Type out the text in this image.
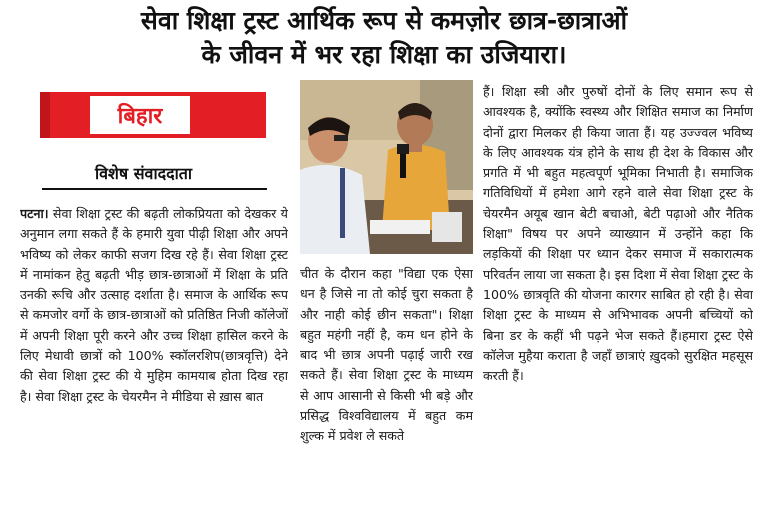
सेवा शिक्षा ट्रस्ट आर्थिक रूप से कमज़ोर छात्र-छात्राओं
के जीवन में भर रहा शिक्षा का उजियारा।
बिहार
विशेष संवाददाता

पटना। सेवा शिक्षा ट्रस्ट की बढ़ती लोकप्रियता को देखकर ये अनुमान लगा सकते हैं के हमारी युवा पीढ़ी शिक्षा और अपने भविष्य को लेकर काफी सजग दिख रहे हैं। सेवा शिक्षा ट्रस्ट में नामांकन हेतु बढ़ती भीड़ छात्र-छात्राओं में शिक्षा के प्रति उनकी रूचि और उत्साह दर्शाता है। समाज के आर्थिक रूप से कमजोर वर्गो के छात्र-छात्राओं को प्रतिष्ठित निजी कॉलेजों में अपनी शिक्षा पूरी करने और उच्च शिक्षा हासिल करने के लिए मेधावी छात्रों को 100% स्कॉलरशिप(छात्रवृत्ति) देने की सेवा शिक्षा ट्रस्ट की ये मुहिम कामयाब होता दिख रहा है। सेवा शिक्षा ट्रस्ट के चेयरमैन ने मीडिया से ख़ास बात

चीत के दौरान कहा "विद्या एक ऐसा धन है जिसे ना तो कोई चुरा सकता है और नाही कोई छीन सकता"। शिक्षा बहुत महंगी नहीं है, कम धन होने के बाद भी छात्र अपनी पढ़ाई जारी रख सकते हैं। सेवा शिक्षा ट्रस्ट के माध्यम से आप आसानी से किसी भी बड़े और प्रसिद्ध विश्वविद्यालय में बहुत कम शुल्क में प्रवेश ले सकते

हैं। शिक्षा स्त्री और पुरुषों दोनों के लिए समान रूप से आवश्यक है, क्योंकि स्वस्थ्य और शिक्षित समाज का निर्माण दोनों द्वारा मिलकर ही किया जाता हैं। यह उज्ज्वल भविष्य के लिए आवश्यक यंत्र होने के साथ ही देश के विकास और प्रगति में भी बहुत महत्वपूर्ण भूमिका निभाती है। समाजिक गतिविधियों में हमेशा आगे रहने वाले सेवा शिक्षा ट्रस्ट के चेयरमैन अयूब खान बेटी बचाओ, बेटी पढ़ाओ और नैतिक शिक्षा" विषय पर अपने व्याख्यान में उन्होंने कहा कि लड़कियों की शिक्षा पर ध्यान देकर समाज में सकारात्मक परिवर्तन लाया जा सकता है। इस दिशा में सेवा शिक्षा ट्रस्ट के 100% छात्रवृति की योजना कारगर साबित हो रही है। सेवा शिक्षा ट्रस्ट के माध्यम से अभिभावक अपनी बच्चियों को बिना डर के कहीं भी पढ़ने भेज सकते हैं।हमारा ट्रस्ट ऐसे कॉलेज मुहैया कराता है जहाँ छात्राएं ख़ुदको सुरक्षित महसूस करती हैं।
